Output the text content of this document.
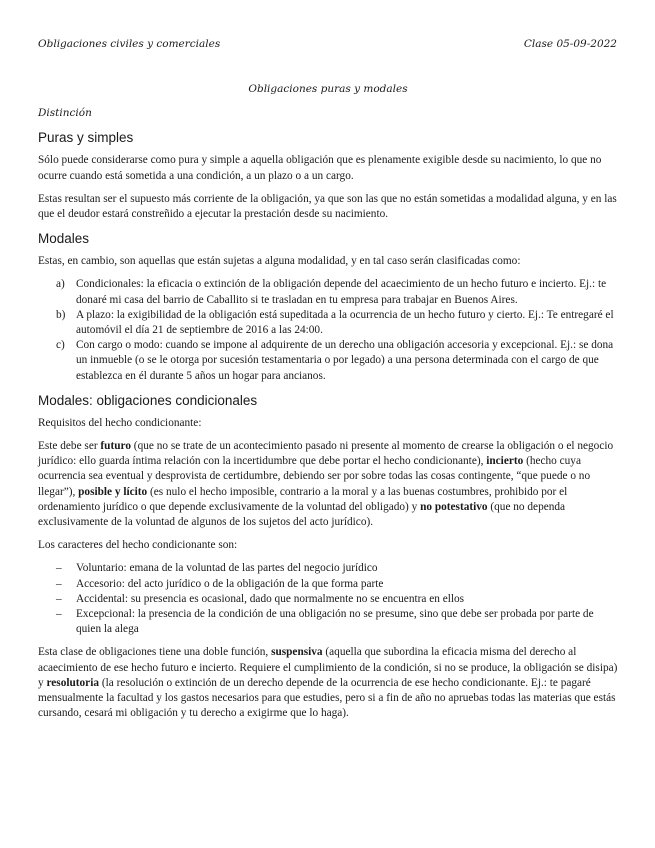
Obligaciones civiles y comerciales	Clase 05-09-2022
Obligaciones puras y modales
Distinción
Puras y simples

Sólo puede considerarse como pura y simple a aquella obligación que es plenamente exigible desde su nacimiento, lo que no ocurre cuando está sometida a una condición, a un plazo o a un cargo.

Estas resultan ser el supuesto más corriente de la obligación, ya que son las que no están sometidas a modalidad alguna, y en las que el deudor estará constreñido a ejecutar la prestación desde su nacimiento.

Modales

Estas, en cambio, son aquellas que están sujetas a alguna modalidad, y en tal caso serán clasificadas como:

a) Condicionales: la eficacia o extinción de la obligación depende del acaecimiento de un hecho futuro e incierto. Ej.: te donaré mi casa del barrio de Caballito si te trasladan en tu empresa para trabajar en Buenos Aires.
b) A plazo: la exigibilidad de la obligación está supeditada a la ocurrencia de un hecho futuro y cierto. Ej.: Te entregaré el automóvil el día 21 de septiembre de 2016 a las 24:00.
c) Con cargo o modo: cuando se impone al adquirente de un derecho una obligación accesoria y excepcional. Ej.: se dona un inmueble (o se le otorga por sucesión testamentaria o por legado) a una persona determinada con el cargo de que establezca en él durante 5 años un hogar para ancianos.
Modales: obligaciones condicionales

Requisitos del hecho condicionante:

Este debe ser futuro (que no se trate de un acontecimiento pasado ni presente al momento de crearse la obligación o el negocio jurídico: ello guarda íntima relación con la incertidumbre que debe portar el hecho condicionante), incierto (hecho cuya ocurrencia sea eventual y desprovista de certidumbre, debiendo ser por sobre todas las cosas contingente, “que puede o no llegar”), posible y lícito (es nulo el hecho imposible, contrario a la moral y a las buenas costumbres, prohibido por el ordenamiento jurídico o que depende exclusivamente de la voluntad del obligado) y no potestativo (que no dependa exclusivamente de la voluntad de algunos de los sujetos del acto jurídico).

Los caracteres del hecho condicionante son:

– Voluntario: emana de la voluntad de las partes del negocio jurídico
– Accesorio: del acto jurídico o de la obligación de la que forma parte
– Accidental: su presencia es ocasional, dado que normalmente no se encuentra en ellos
– Excepcional: la presencia de la condición de una obligación no se presume, sino que debe ser probada por parte de quien la alega

Esta clase de obligaciones tiene una doble función, suspensiva (aquella que subordina la eficacia misma del derecho al acaecimiento de ese hecho futuro e incierto. Requiere el cumplimiento de la condición, si no se produce, la obligación se disipa) y resolutoria (la resolución o extinción de un derecho depende de la ocurrencia de ese hecho condicionante. Ej.: te pagaré mensualmente la facultad y los gastos necesarios para que estudies, pero si a fin de año no apruebas todas las materias que estás cursando, cesará mi obligación y tu derecho a exigirme que lo haga).
